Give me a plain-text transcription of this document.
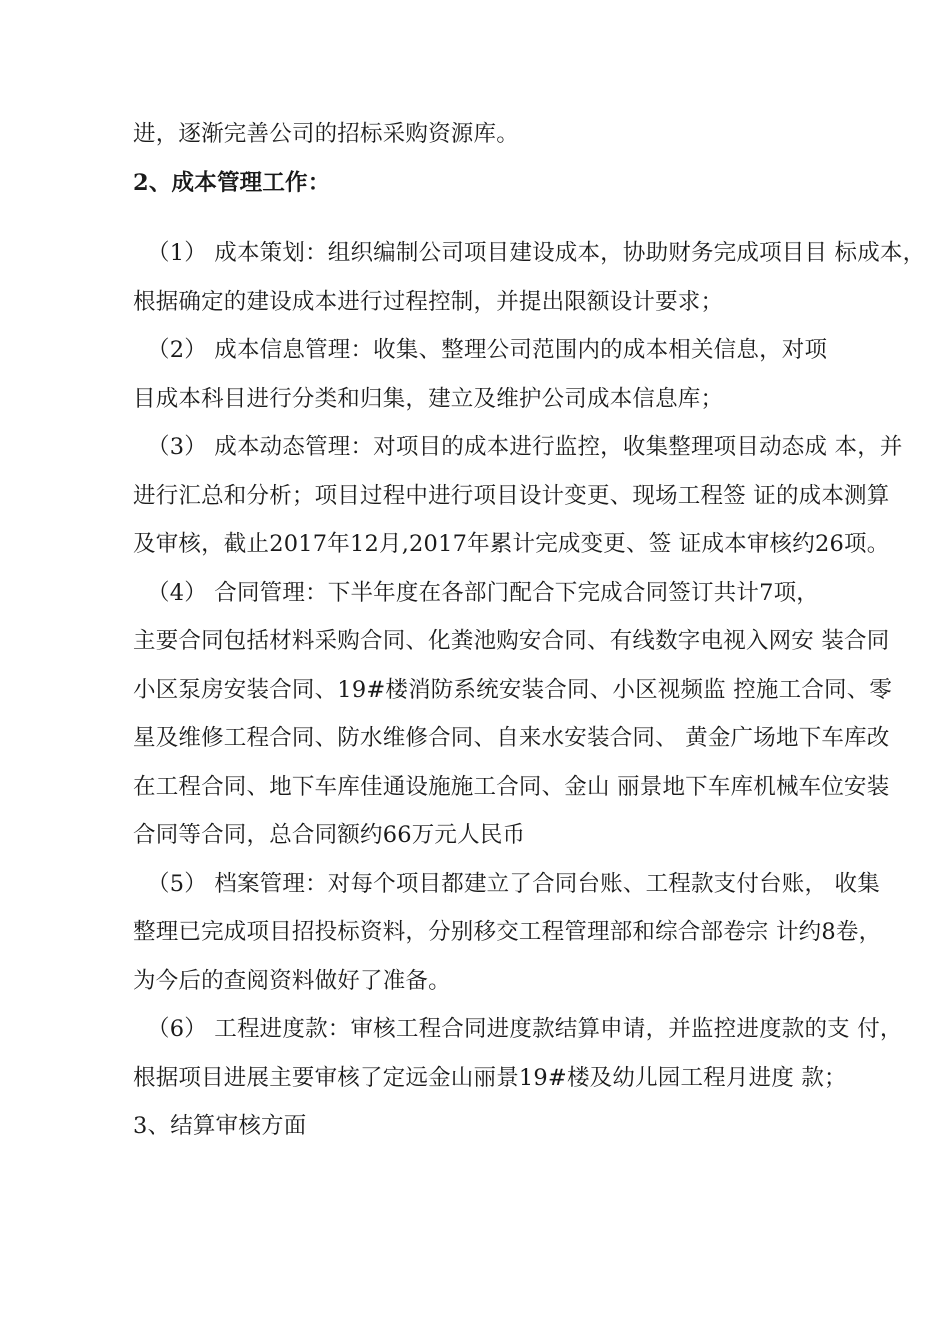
进，逐渐完善公司的招标采购资源库。
2、成本管理工作：
（1） 成本策划：组织编制公司项目建设成本，协助财务完成项目目 标成本，
根据确定的建设成本进行过程控制，并提出限额设计要求；
（2） 成本信息管理：收集、整理公司范围内的成本相关信息，对项
目成本科目进行分类和归集，建立及维护公司成本信息库；
（3） 成本动态管理：对项目的成本进行监控，收集整理项目动态成 本，并
进行汇总和分析；项目过程中进行项目设计变更、现场工程签 证的成本测算
及审核，截止2017年12月,2017年累计完成变更、签 证成本审核约26项。
（4） 合同管理：下半年度在各部门配合下完成合同签订共计7项，
主要合同包括材料采购合同、化粪池购安合同、有线数字电视入网安 装合同
小区泵房安装合同、19#楼消防系统安装合同、小区视频监 控施工合同、零
星及维修工程合同、防水维修合同、自来水安装合同、 黄金广场地下车库改
在工程合同、地下车库佳通设施施工合同、金山 丽景地下车库机械车位安装
合同等合同，总合同额约66万元人民币
（5） 档案管理：对每个项目都建立了合同台账、工程款支付台账， 收集
整理已完成项目招投标资料，分别移交工程管理部和综合部卷宗 计约8卷，
为今后的查阅资料做好了准备。
（6） 工程进度款：审核工程合同进度款结算申请，并监控进度款的支 付，
根据项目进展主要审核了定远金山丽景19#楼及幼儿园工程月进度 款；
3、结算审核方面
